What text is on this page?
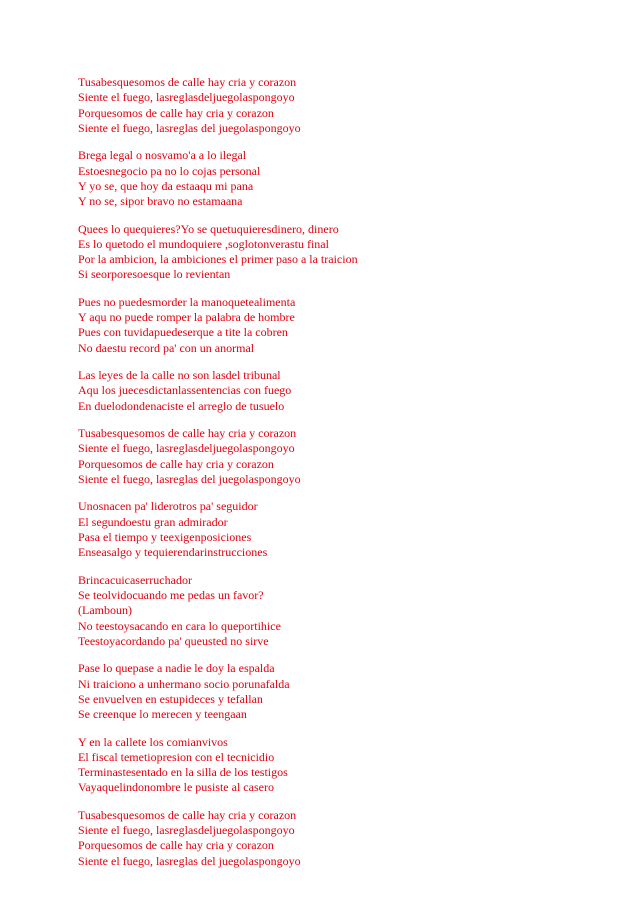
Tusabesquesomos de calle hay cria y corazon
Siente el fuego, lasreglasdeljuegolaspongoyo
Porquesomos de calle hay cria y corazon
Siente el fuego, lasreglas del juegolaspongoyo
Brega legal o nosvamo'a a lo ilegal
Estoesnegocio pa no lo cojas personal
Y yo se, que hoy da estaaqu mi pana
Y no se, sipor bravo no estamaana
Quees lo quequieres?Yo se quetuquieresdinero, dinero
Es lo quetodo el mundoquiere ,soglotonverastu final
Por la ambicion, la ambiciones el primer paso a la traicion
Si seorporesoesque lo revientan
Pues no puedesmorder la manoquetealimenta
Y aqu no puede romper la palabra de hombre
Pues con tuvidapuedeserque a tite la cobren
No daestu record pa' con un anormal
Las leyes de la calle no son lasdel tribunal
Aqu los juecesdictanlassentencias con fuego
En duelodondenaciste el arreglo de tusuelo
Tusabesquesomos de calle hay cria y corazon
Siente el fuego, lasreglasdeljuegolaspongoyo
Porquesomos de calle hay cria y corazon
Siente el fuego, lasreglas del juegolaspongoyo
Unosnacen pa' liderotros pa' seguidor
El segundoestu gran admirador
Pasa el tiempo y teexigenposiciones
Enseasalgo y tequierendarinstrucciones
Brincacuicaserruchador
Se teolvidocuando me pedas un favor?
(Lamboun)
No teestoysacando en cara lo queportihice
Teestoyacordando pa' queusted no sirve
Pase lo quepase a nadie le doy la espalda
Ni traiciono a unhermano socio porunafalda
Se envuelven en estupideces y tefallan
Se creenque lo merecen y teengaan
Y en la callete los comianvivos
El fiscal temetiopresion con el tecnicidio
Terminastesentado en la silla de los testigos
Vayaquelindonombre le pusiste al casero
Tusabesquesomos de calle hay cria y corazon
Siente el fuego, lasreglasdeljuegolaspongoyo
Porquesomos de calle hay cria y corazon
Siente el fuego, lasreglas del juegolaspongoyo
